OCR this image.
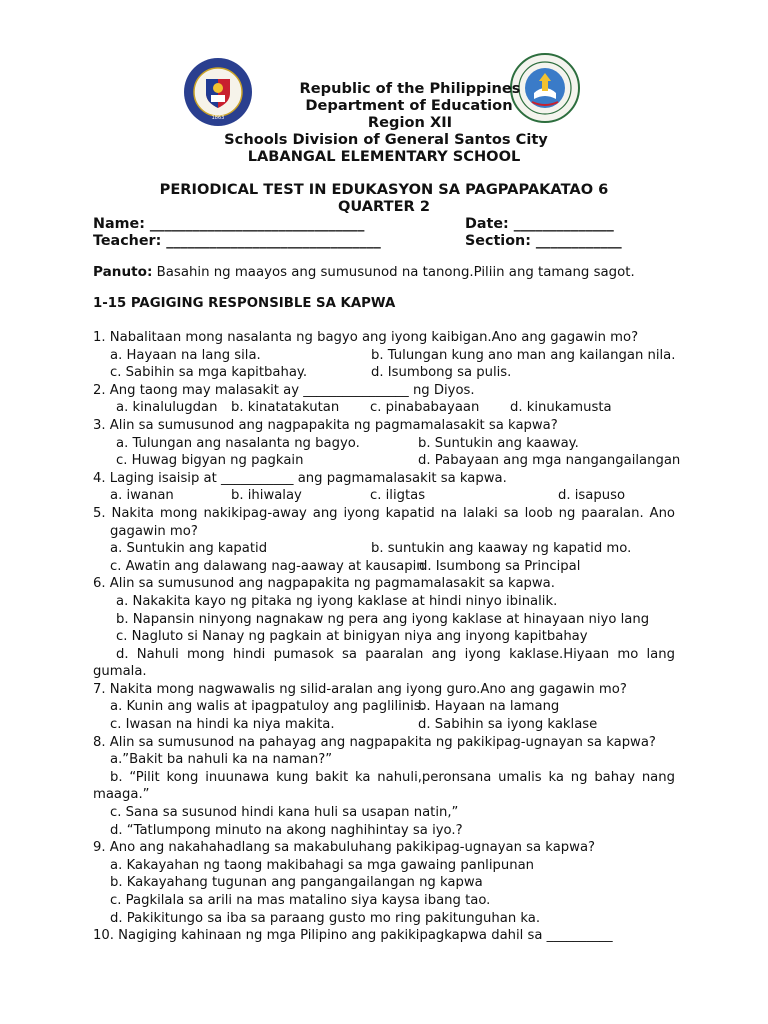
1863
Republic of the Philippines
Department of Education
Region XII
Schools Division of General Santos City
LABANGAL ELEMENTARY SCHOOL
PERIODICAL TEST IN EDUKASYON SA PAGPAPAKATAO 6
QUARTER 2
Name: ______________________________	Date: ______________
Teacher: ______________________________	Section: ____________
Panuto: Basahin ng maayos ang sumusunod na tanong.Piliin ang tamang sagot.
1-15 PAGIGING RESPONSIBLE SA KAPWA
1. Nabalitaan mong nasalanta ng bagyo ang iyong kaibigan.Ano ang gagawin mo?
a. Hayaan na lang sila.	b. Tulungan kung ano man ang kailangan nila.
c. Sabihin sa mga kapitbahay.	d. Isumbong sa pulis.
2. Ang taong may malasakit ay ________________ ng Diyos.
a. kinalulugdan b. kinatatakutan c. pinababayaan d. kinukamusta
3. Alin sa sumusunod ang nagpapakita ng pagmamalasakit sa kapwa?
a. Tulungan ang nasalanta ng bagyo.	b. Suntukin ang kaaway.
c. Huwag bigyan ng pagkain	d. Pabayaan ang mga nangangailangan
4. Laging isaisip at ___________ ang pagmamalasakit sa kapwa.
a. iwanan	b. ihiwalay	c. iligtas	d. isapuso
5. Nakita mong nakikipag-away ang iyong kapatid na lalaki sa loob ng paaralan. Ano
gagawin mo?
a. Suntukin ang kapatid	b. suntukin ang kaaway ng kapatid mo.
c. Awatin ang dalawang nag-aaway at kausapin
d. Isumbong sa Principal
6. Alin sa sumusunod ang nagpapakita ng pagmamalasakit sa kapwa.
a. Nakakita kayo ng pitaka ng iyong kaklase at hindi ninyo ibinalik.
b. Napansin ninyong nagnakaw ng pera ang iyong kaklase at hinayaan niyo lang
c. Nagluto si Nanay ng pagkain at binigyan niya ang inyong kapitbahay
d. Nahuli mong hindi pumasok sa paaralan ang iyong kaklase.Hiyaan mo lang
gumala.
7. Nakita mong nagwawalis ng silid-aralan ang iyong guro.Ano ang gagawin mo?
a. Kunin ang walis at ipagpatuloy ang paglilinis.
b. Hayaan na lamang
c. Iwasan na hindi ka niya makita.	d. Sabihin sa iyong kaklase
8. Alin sa sumusunod na pahayag ang nagpapakita ng pakikipag-ugnayan sa kapwa?
a.”Bakit ba nahuli ka na naman?”
b. “Pilit kong inuunawa kung bakit ka nahuli,peronsana umalis ka ng bahay nang
maaga.”
c. Sana sa susunod hindi kana huli sa usapan natin,”
d. “Tatlumpong minuto na akong naghihintay sa iyo.?
9. Ano ang nakahahadlang sa makabuluhang pakikipag-ugnayan sa kapwa?
a. Kakayahan ng taong makibahagi sa mga gawaing panlipunan
b. Kakayahang tugunan ang pangangailangan ng kapwa
c. Pagkilala sa arili na mas matalino siya kaysa ibang tao.
d. Pakikitungo sa iba sa paraang gusto mo ring pakitunguhan ka.
10. Nagiging kahinaan ng mga Pilipino ang pakikipagkapwa dahil sa __________
